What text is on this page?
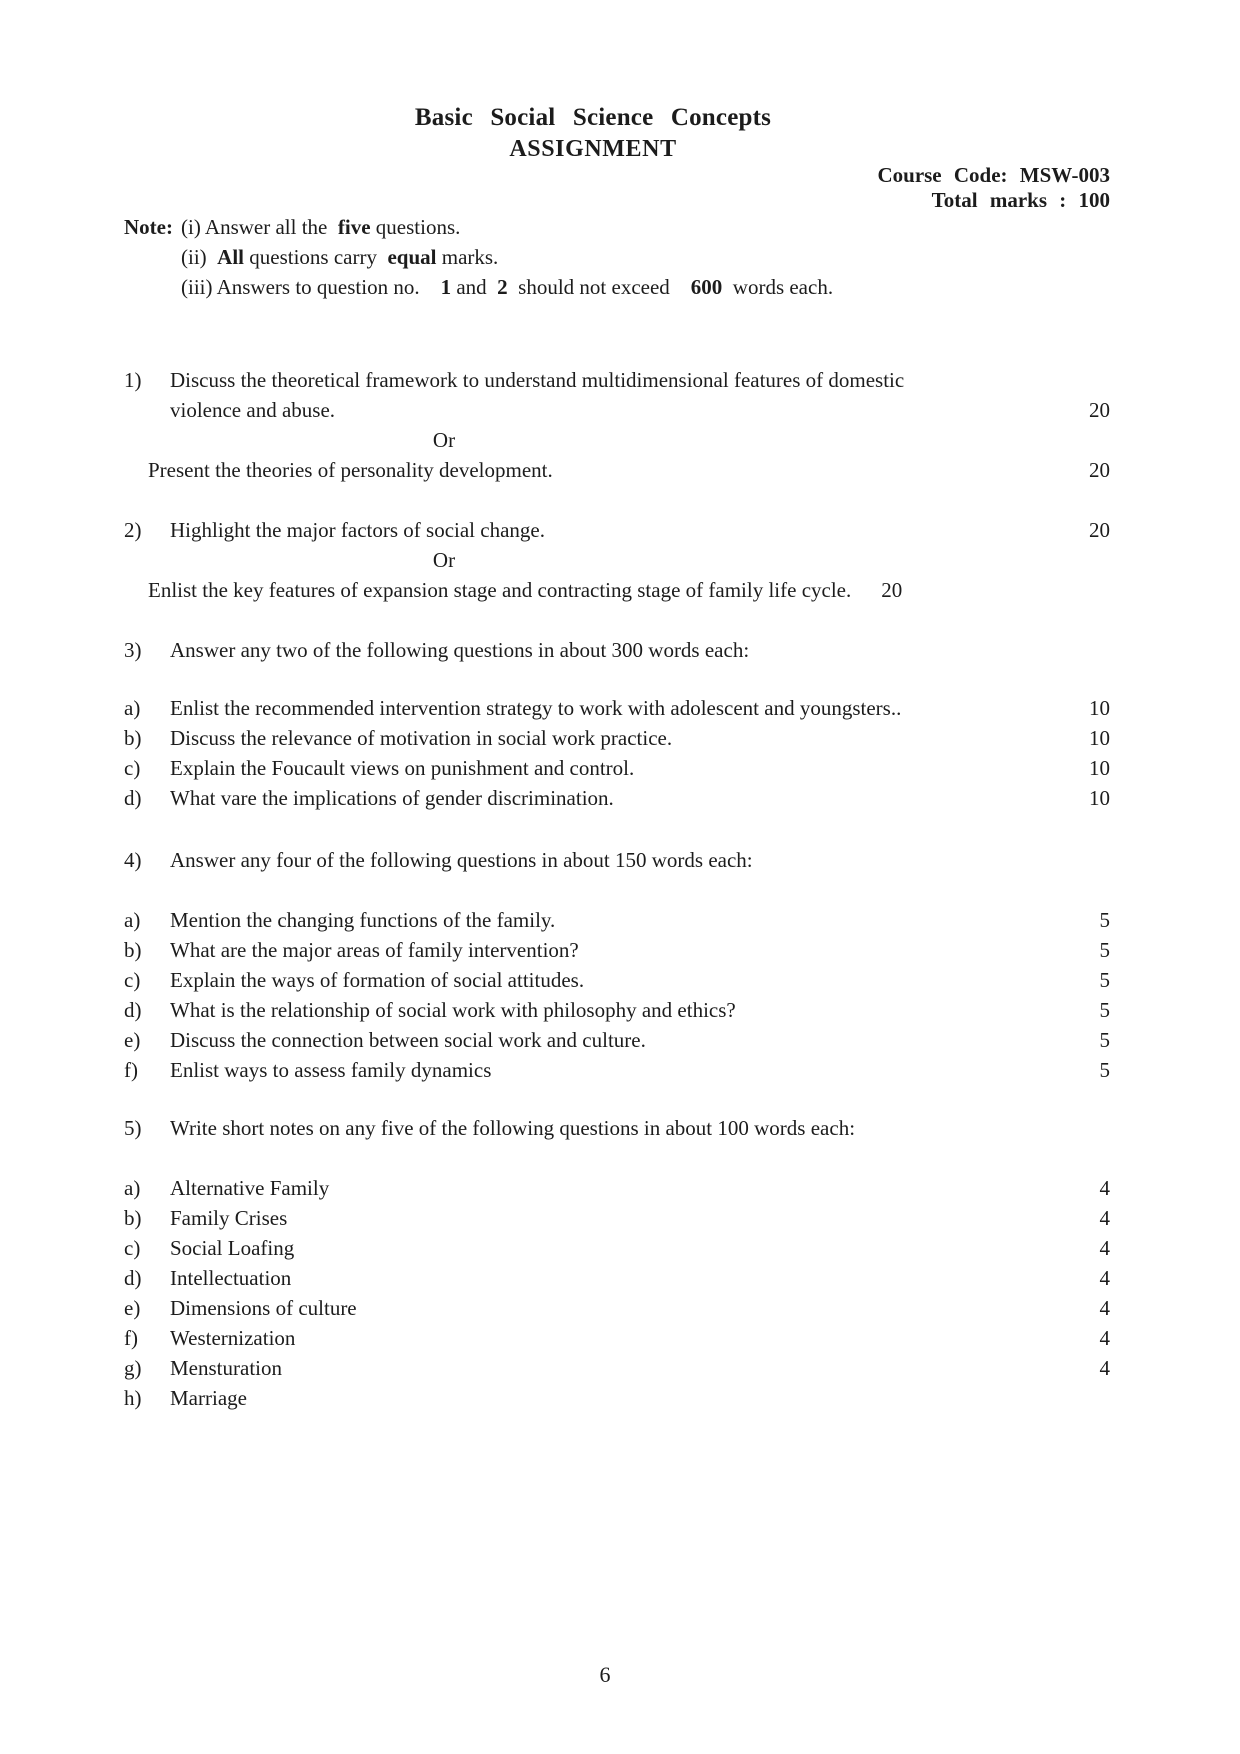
Basic Social Science Concepts
ASSIGNMENT
Course Code: MSW-003
Total marks : 100
Note: (i) Answer all the  five questions.
(ii)  All questions carry  equal marks.
(iii) Answers to question no.    1 and  2  should not exceed    600  words each.
1)	Discuss the theoretical framework to understand multidimensional features of domestic
violence and abuse.	20
Or
Present the theories of personality development.	20
2)	Highlight the major factors of social change.	20
Or
Enlist the key features of expansion stage and contracting stage of family life cycle. 20
3)	Answer any two of the following questions in about 300 words each:
a)	Enlist the recommended intervention strategy to work with adolescent and youngsters..	10
b)	Discuss the relevance of motivation in social work practice.	10
c)	Explain the Foucault views on punishment and control.	10
d)	What vare the implications of gender discrimination.	10
4)	Answer any four of the following questions in about 150 words each:
a)	Mention the changing functions of the family.	5
b)	What are the major areas of family intervention?	5
c)	Explain the ways of formation of social attitudes.	5
d)	What is the relationship of social work with philosophy and ethics?	5
e)	Discuss the connection between social work and culture.	5
f)	Enlist ways to assess family dynamics	5
5)	Write short notes on any five of the following questions in about 100 words each:
a)	Alternative Family	4
b)	Family Crises	4
c)	Social Loafing	4
d)	Intellectuation	4
e)	Dimensions of culture	4
f)	Westernization	4
g)	Mensturation	4
h)	Marriage
6
